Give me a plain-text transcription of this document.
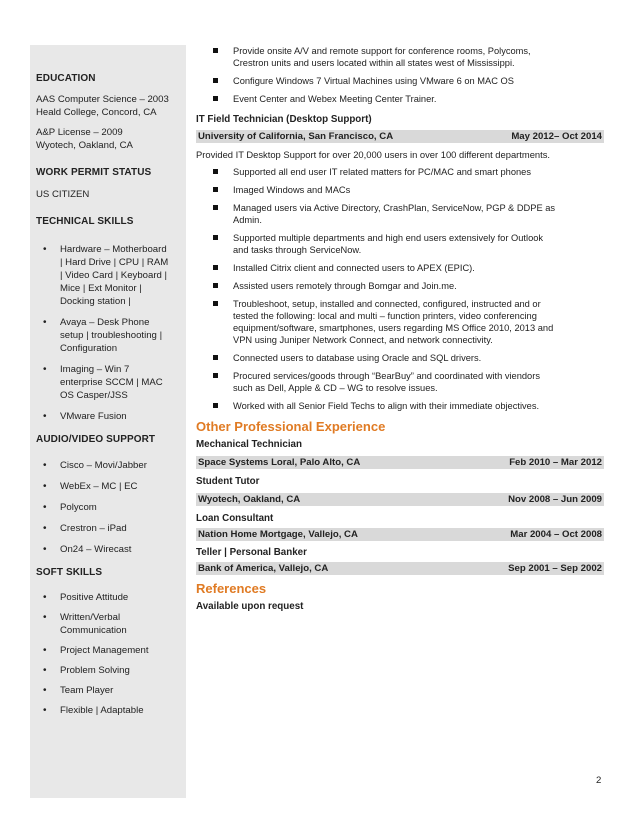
EDUCATION
AAS Computer Science – 2003
Heald College, Concord, CA
A&P License – 2009
Wyotech, Oakland, CA
WORK PERMIT STATUS
US CITIZEN
TECHNICAL SKILLS
• Hardware – Motherboard
| Hard Drive | CPU | RAM
| Video Card | Keyboard |
Mice | Ext Monitor |
Docking station |
• Avaya – Desk Phone
setup | troubleshooting |
Configuration
• Imaging – Win 7
enterprise SCCM | MAC
OS Casper/JSS
• VMware Fusion
AUDIO/VIDEO SUPPORT
• Cisco – Movi/Jabber
• WebEx – MC | EC
• Polycom
• Crestron – iPad
• On24 – Wirecast
SOFT SKILLS
• Positive Attitude
• Written/Verbal
Communication
• Project Management
• Problem Solving
• Team Player
• Flexible | Adaptable
Provide onsite A/V and remote support for conference rooms, Polycoms,
Crestron units and users located within all states west of Mississippi.
Configure Windows 7 Virtual Machines using VMware 6 on MAC OS
Event Center and Webex Meeting Center Trainer.
IT Field Technician (Desktop Support)
University of California, San Francisco, CA	May 2012– Oct 2014
Provided IT Desktop Support for over 20,000 users in over 100 different departments.
Supported all end user IT related matters for PC/MAC and smart phones
Imaged Windows and MACs
Managed users via Active Directory, CrashPlan, ServiceNow, PGP & DDPE as
Admin.
Supported multiple departments and high end users extensively for Outlook
and tasks through ServiceNow.
Installed Citrix client and connected users to APEX (EPIC).
Assisted users remotely through Bomgar and Join.me.
Troubleshoot, setup, installed and connected, configured, instructed and or
tested the following: local and multi – function printers, video conferencing
equipment/software, smartphones, users regarding MS Office 2010, 2013 and
VPN using Juniper Network Connect, and network connectivity.
Connected users to database using Oracle and SQL drivers.
Procured services/goods through “BearBuy” and coordinated with viendors
such as Dell, Apple & CD – WG to resolve issues.
Worked with all Senior Field Techs to align with their immediate objectives.
Other Professional Experience
Mechanical Technician
Space Systems Loral, Palo Alto, CA	Feb 2010 – Mar 2012
Student Tutor
Wyotech, Oakland, CA	Nov 2008 – Jun 2009
Loan Consultant
Nation Home Mortgage, Vallejo, CA	Mar 2004 – Oct 2008
Teller | Personal Banker
Bank of America, Vallejo, CA	Sep 2001 – Sep 2002
References
Available upon request
2
